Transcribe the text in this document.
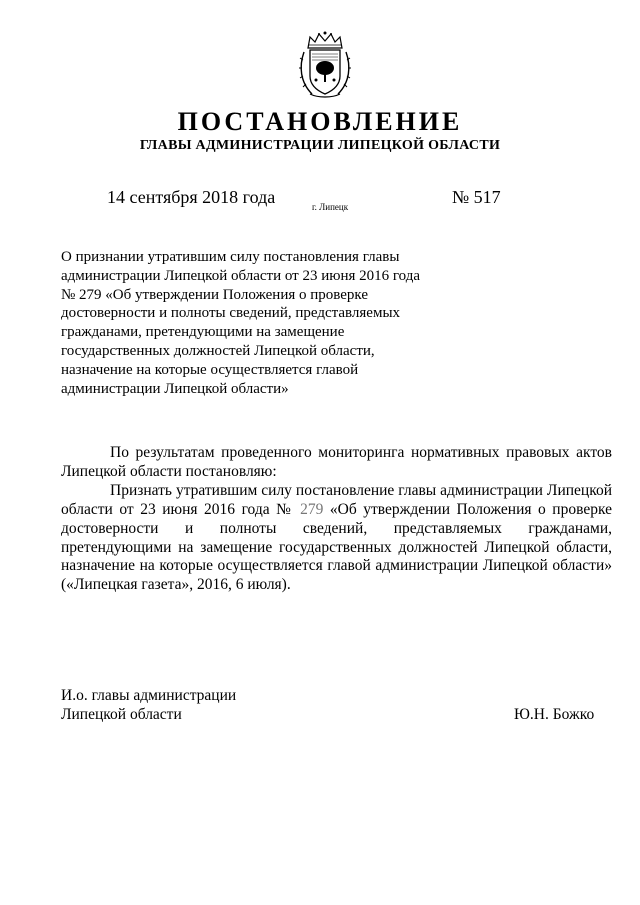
ПОСТАНОВЛЕНИЕ
ГЛАВЫ АДМИНИСТРАЦИИ ЛИПЕЦКОЙ ОБЛАСТИ
14 сентября 2018 года	г. Липецк	№ 517
О признании утратившим силу постановления главы
администрации Липецкой области от 23 июня 2016 года
№ 279 «Об утверждении Положения о проверке
достоверности и полноты сведений, представляемых
гражданами, претендующими на замещение
государственных должностей Липецкой области,
назначение на которые осуществляется главой
администрации Липецкой области»

По результатам проведенного мониторинга нормативных правовых актов Липецкой области постановляю:

Признать утратившим силу постановление главы администрации Липецкой области от 23 июня 2016 года № 279 «Об утверждении Положения о проверке достоверности и полноты сведений, представляемых гражданами, претендующими на замещение государственных должностей Липецкой области, назначение на которые осуществляется главой администрации Липецкой области» («Липецкая газета», 2016, 6 июля).

И.о. главы администрации
Липецкой области	Ю.Н. Божко
